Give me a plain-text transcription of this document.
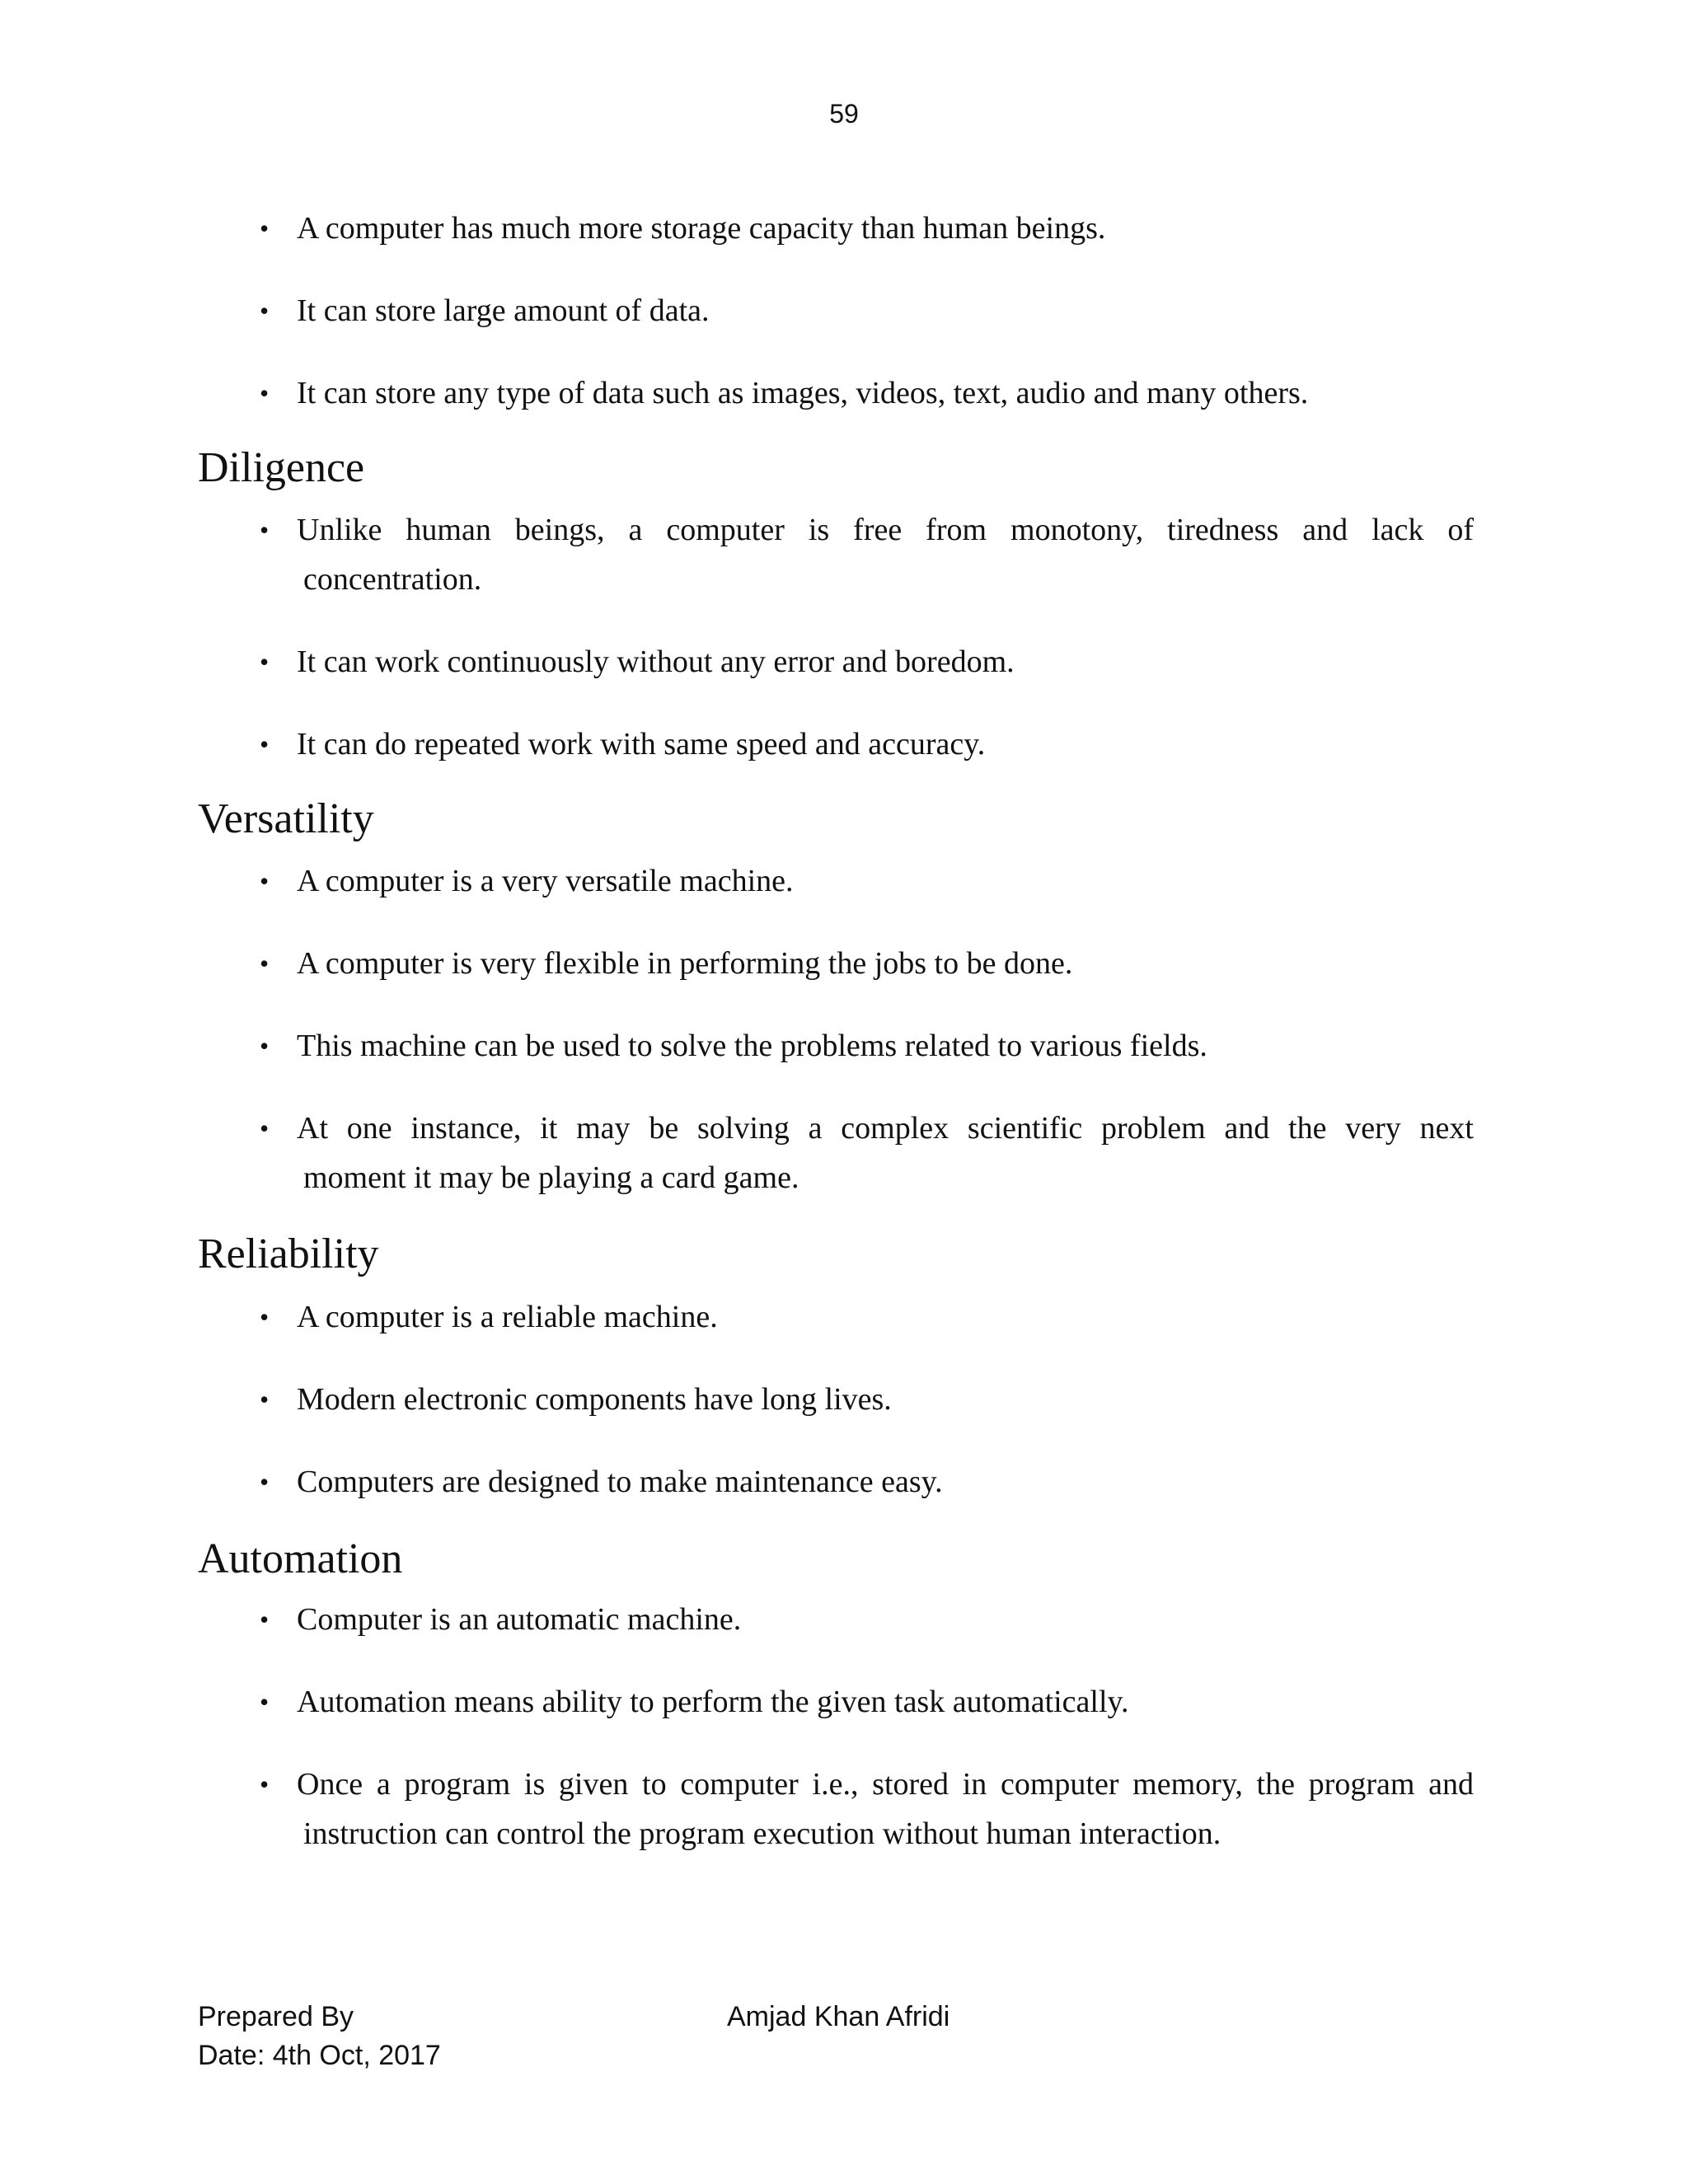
59
• A computer has much more storage capacity than human beings.
• It can store large amount of data.
• It can store any type of data such as images, videos, text, audio and many others.
Diligence
• Unlike human beings, a computer is free from monotony, tiredness and lack of
concentration.
• It can work continuously without any error and boredom.
• It can do repeated work with same speed and accuracy.
Versatility
• A computer is a very versatile machine.
• A computer is very flexible in performing the jobs to be done.
• This machine can be used to solve the problems related to various fields.
• At one instance, it may be solving a complex scientific problem and the very next
moment it may be playing a card game.
Reliability
• A computer is a reliable machine.
• Modern electronic components have long lives.
• Computers are designed to make maintenance easy.
Automation
• Computer is an automatic machine.
• Automation means ability to perform the given task automatically.
• Once a program is given to computer i.e., stored in computer memory, the program and
instruction can control the program execution without human interaction.
Prepared By	Amjad Khan Afridi
Date: 4th Oct, 2017
